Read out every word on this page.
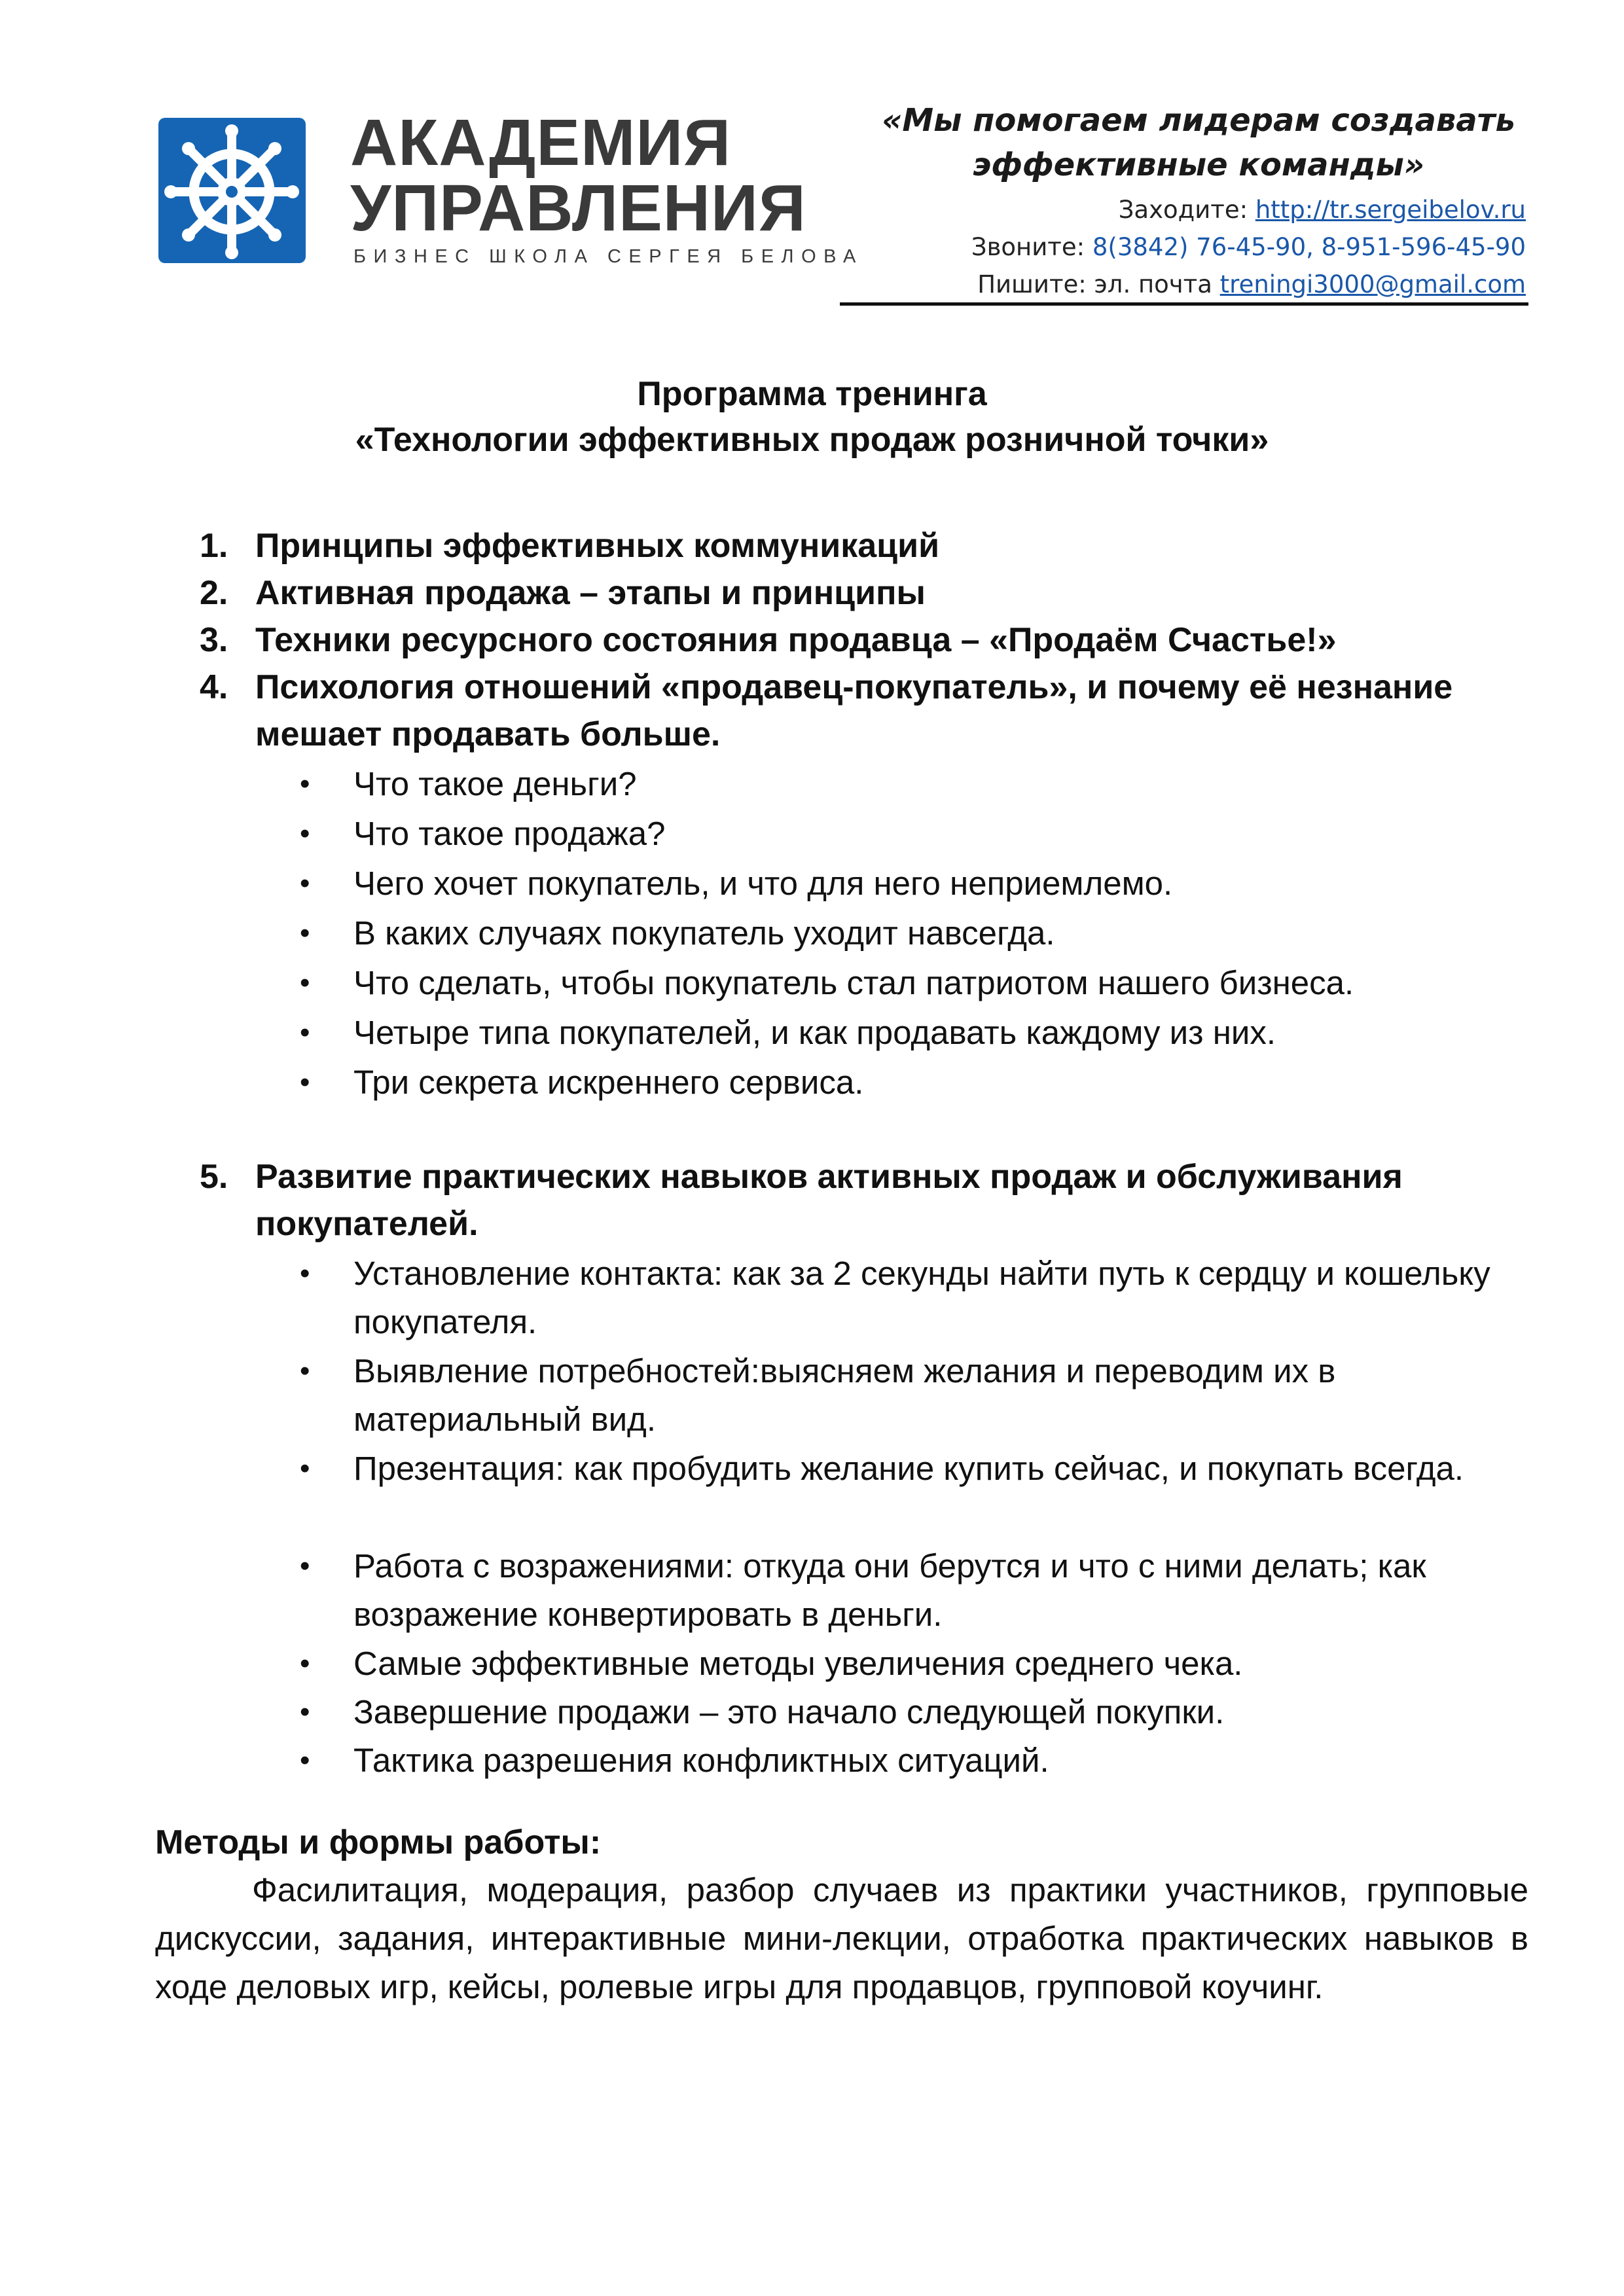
АКАДЕМИЯ
УПРАВЛЕНИЯ
БИЗНЕС ШКОЛА СЕРГЕЯ БЕЛОВА
«Мы помогаем лидерам создавать
эффективные команды»
Заходите: http://tr.sergeibelov.ru
Звоните: 8(3842) 76-45-90, 8-951-596-45-90
Пишите: эл. почта treningi3000@gmail.com
Программа тренинга
«Технологии эффективных продаж розничной точки»
1. Принципы эффективных коммуникаций
2. Активная продажа – этапы и принципы
3. Техники ресурсного состояния продавца – «Продаём Счастье!»
4. Психология отношений «продавец-покупатель», и почему её незнание мешает продавать больше.
• Что такое деньги?
• Что такое продажа?
• Чего хочет покупатель, и что для него неприемлемо.
• В каких случаях покупатель уходит навсегда.
• Что сделать, чтобы покупатель стал патриотом нашего бизнеса.
• Четыре типа покупателей, и как продавать каждому из них.
• Три секрета искреннего сервиса.
5. Развитие практических навыков активных продаж и обслуживания покупателей.
• Установление контакта: как за 2 секунды найти путь к сердцу и кошельку покупателя.
• Выявление потребностей:выясняем желания и переводим их в материальный вид.
• Презентация: как пробудить желание купить сейчас, и покупать всегда.
• Работа с возражениями: откуда они берутся и что с ними делать; как возражение конвертировать в деньги.
• Самые эффективные методы увеличения среднего чека.
• Завершение продажи – это начало следующей покупки.
• Тактика разрешения конфликтных ситуаций.
Методы и формы работы:
Фасилитация, модерация, разбор случаев из практики участников, групповые дискуссии, задания, интерактивные мини-лекции, отработка практических навыков в ходе деловых игр, кейсы, ролевые игры для продавцов, групповой коучинг.
